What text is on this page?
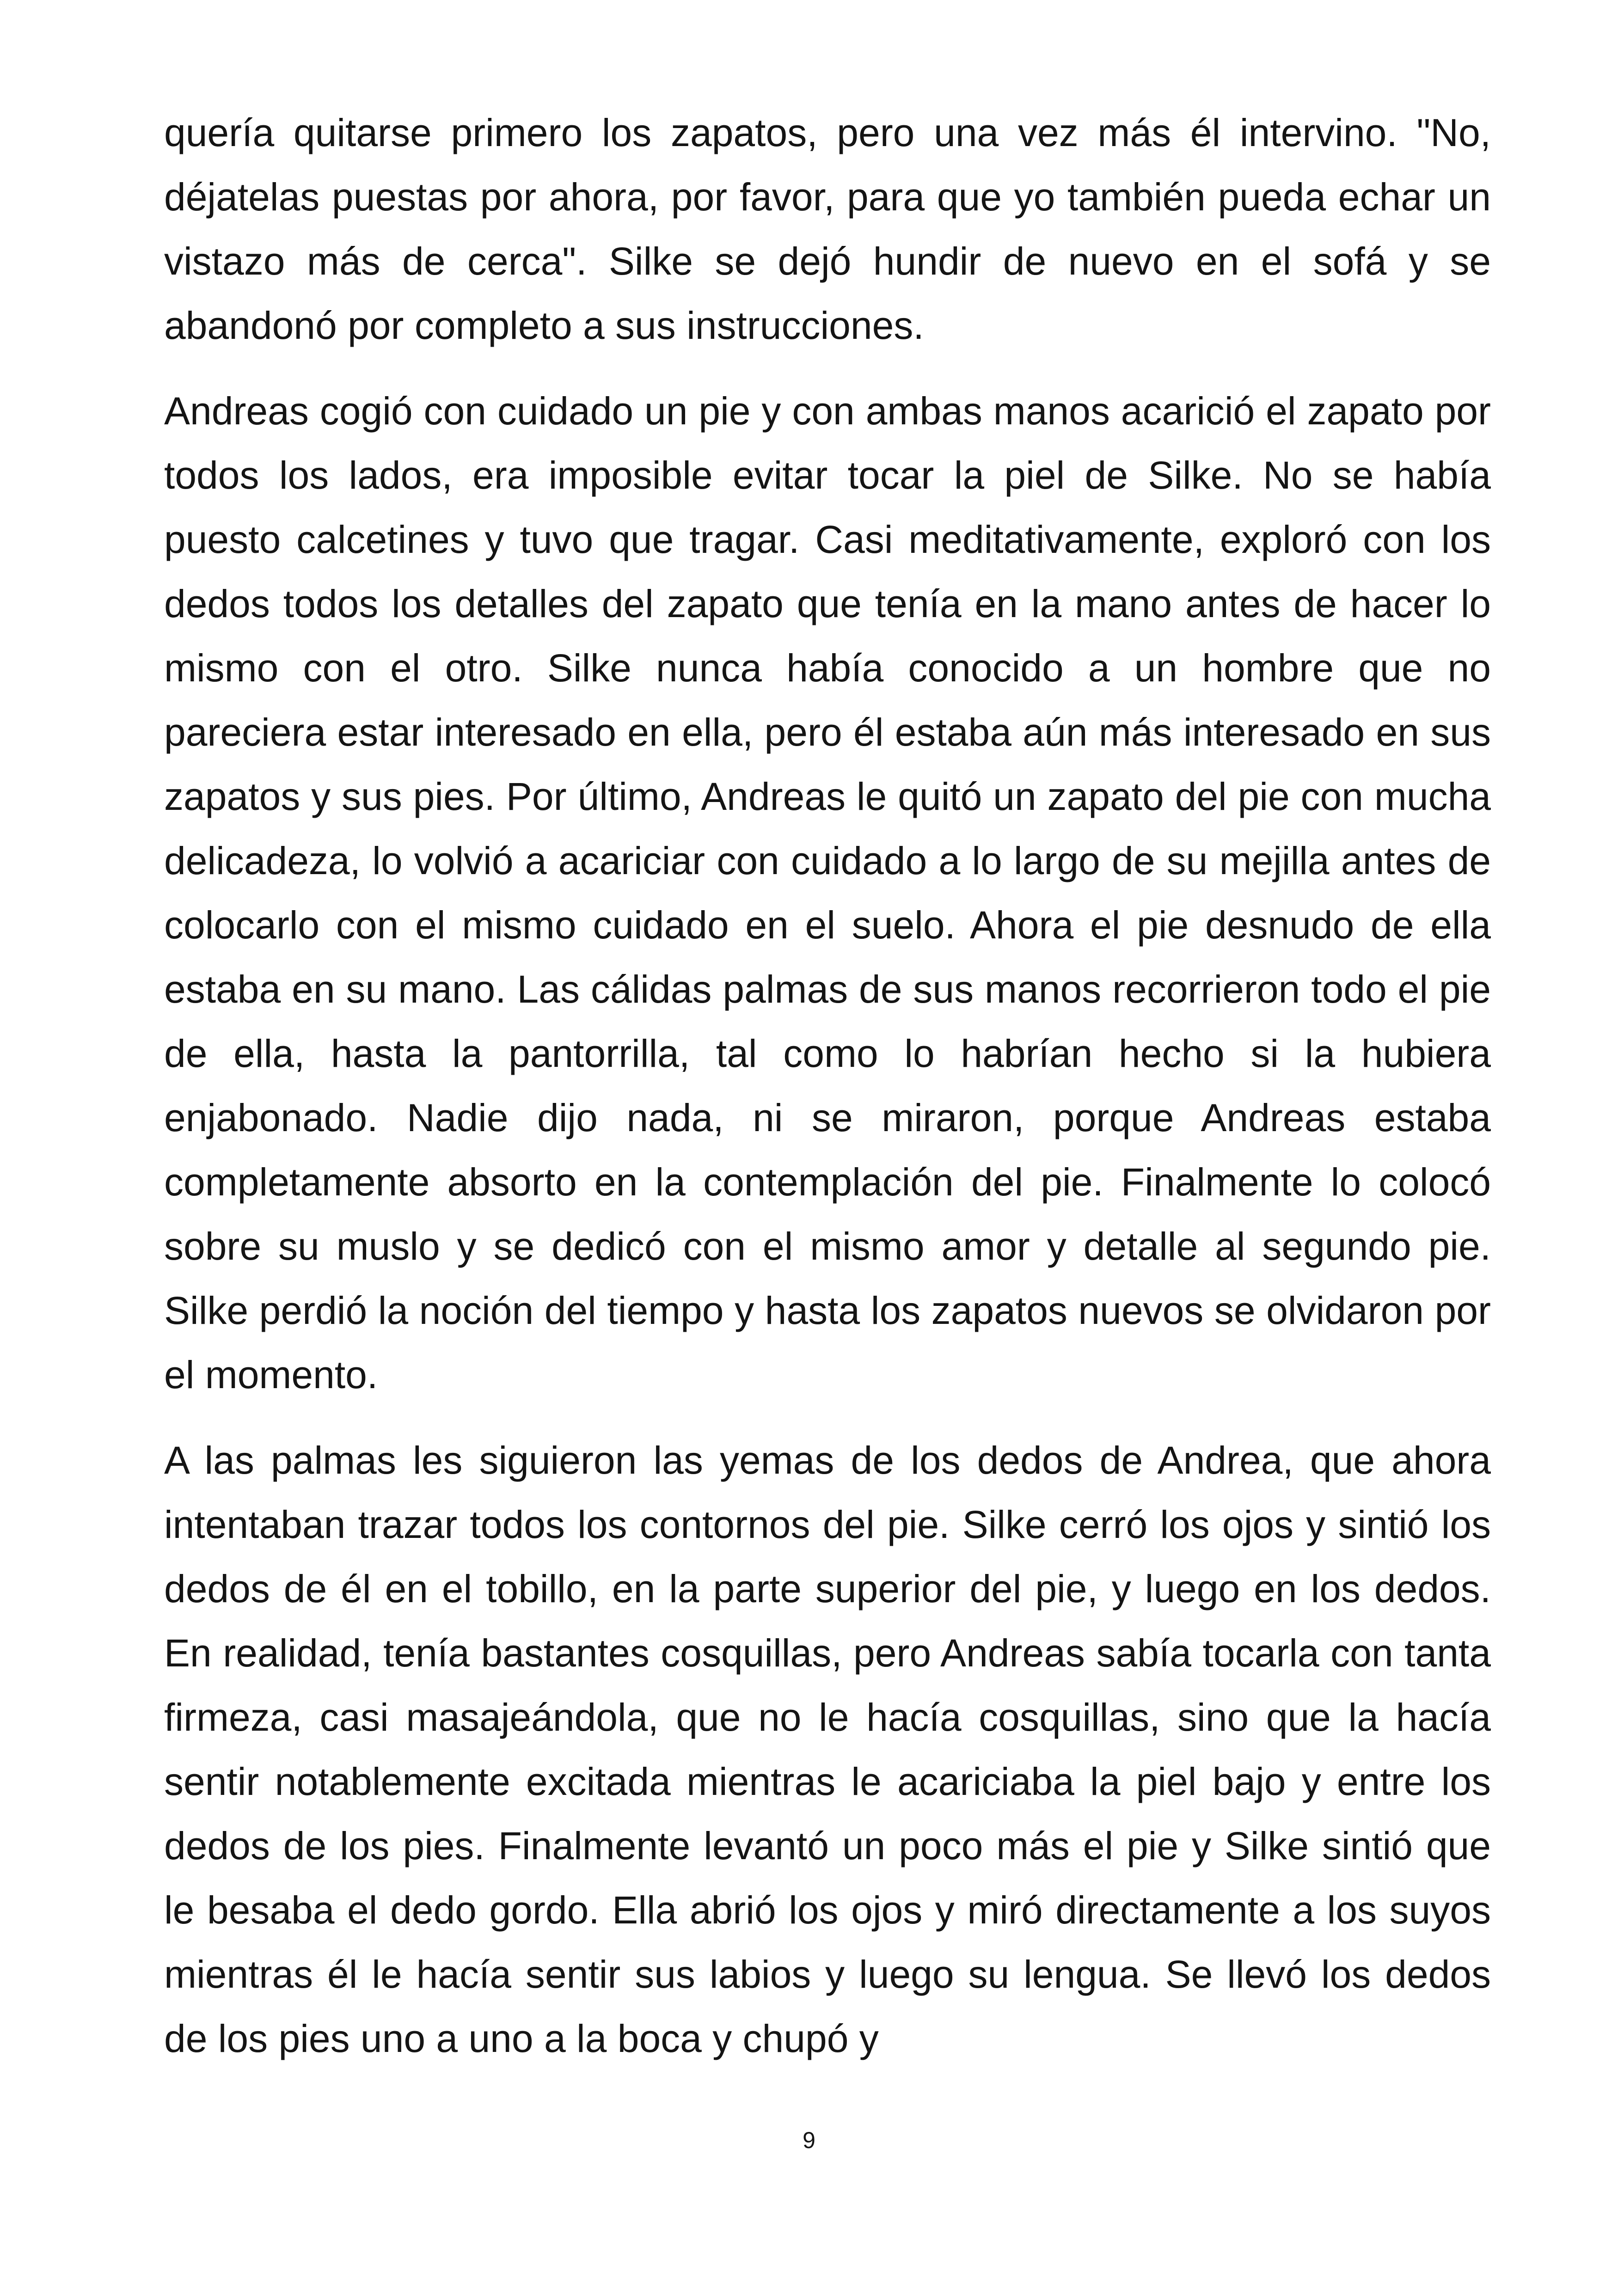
quería quitarse primero los zapatos, pero una vez más él intervino. "No, déjatelas puestas por ahora, por favor, para que yo también pueda echar un vistazo más de cerca". Silke se dejó hundir de nuevo en el sofá y se abandonó por completo a sus instrucciones.

Andreas cogió con cuidado un pie y con ambas manos acarició el zapato por todos los lados, era imposible evitar tocar la piel de Silke. No se había puesto calcetines y tuvo que tragar. Casi meditativamente, exploró con los dedos todos los detalles del zapato que tenía en la mano antes de hacer lo mismo con el otro. Silke nunca había conocido a un hombre que no pareciera estar interesado en ella, pero él estaba aún más interesado en sus zapatos y sus pies. Por último, Andreas le quitó un zapato del pie con mucha delicadeza, lo volvió a acariciar con cuidado a lo largo de su mejilla antes de colocarlo con el mismo cuidado en el suelo. Ahora el pie desnudo de ella estaba en su mano. Las cálidas palmas de sus manos recorrieron todo el pie de ella, hasta la pantorrilla, tal como lo habrían hecho si la hubiera enjabonado. Nadie dijo nada, ni se miraron, porque Andreas estaba completamente absorto en la contemplación del pie. Finalmente lo colocó sobre su muslo y se dedicó con el mismo amor y detalle al segundo pie. Silke perdió la noción del tiempo y hasta los zapatos nuevos se olvidaron por el momento.

A las palmas les siguieron las yemas de los dedos de Andrea, que ahora intentaban trazar todos los contornos del pie. Silke cerró los ojos y sintió los dedos de él en el tobillo, en la parte superior del pie, y luego en los dedos. En realidad, tenía bastantes cosquillas, pero Andreas sabía tocarla con tanta firmeza, casi masajeándola, que no le hacía cosquillas, sino que la hacía sentir notablemente excitada mientras le acariciaba la piel bajo y entre los dedos de los pies. Finalmente levantó un poco más el pie y Silke sintió que le besaba el dedo gordo. Ella abrió los ojos y miró directamente a los suyos mientras él le hacía sentir sus labios y luego su lengua. Se llevó los dedos de los pies uno a uno a la boca y chupó y

9
